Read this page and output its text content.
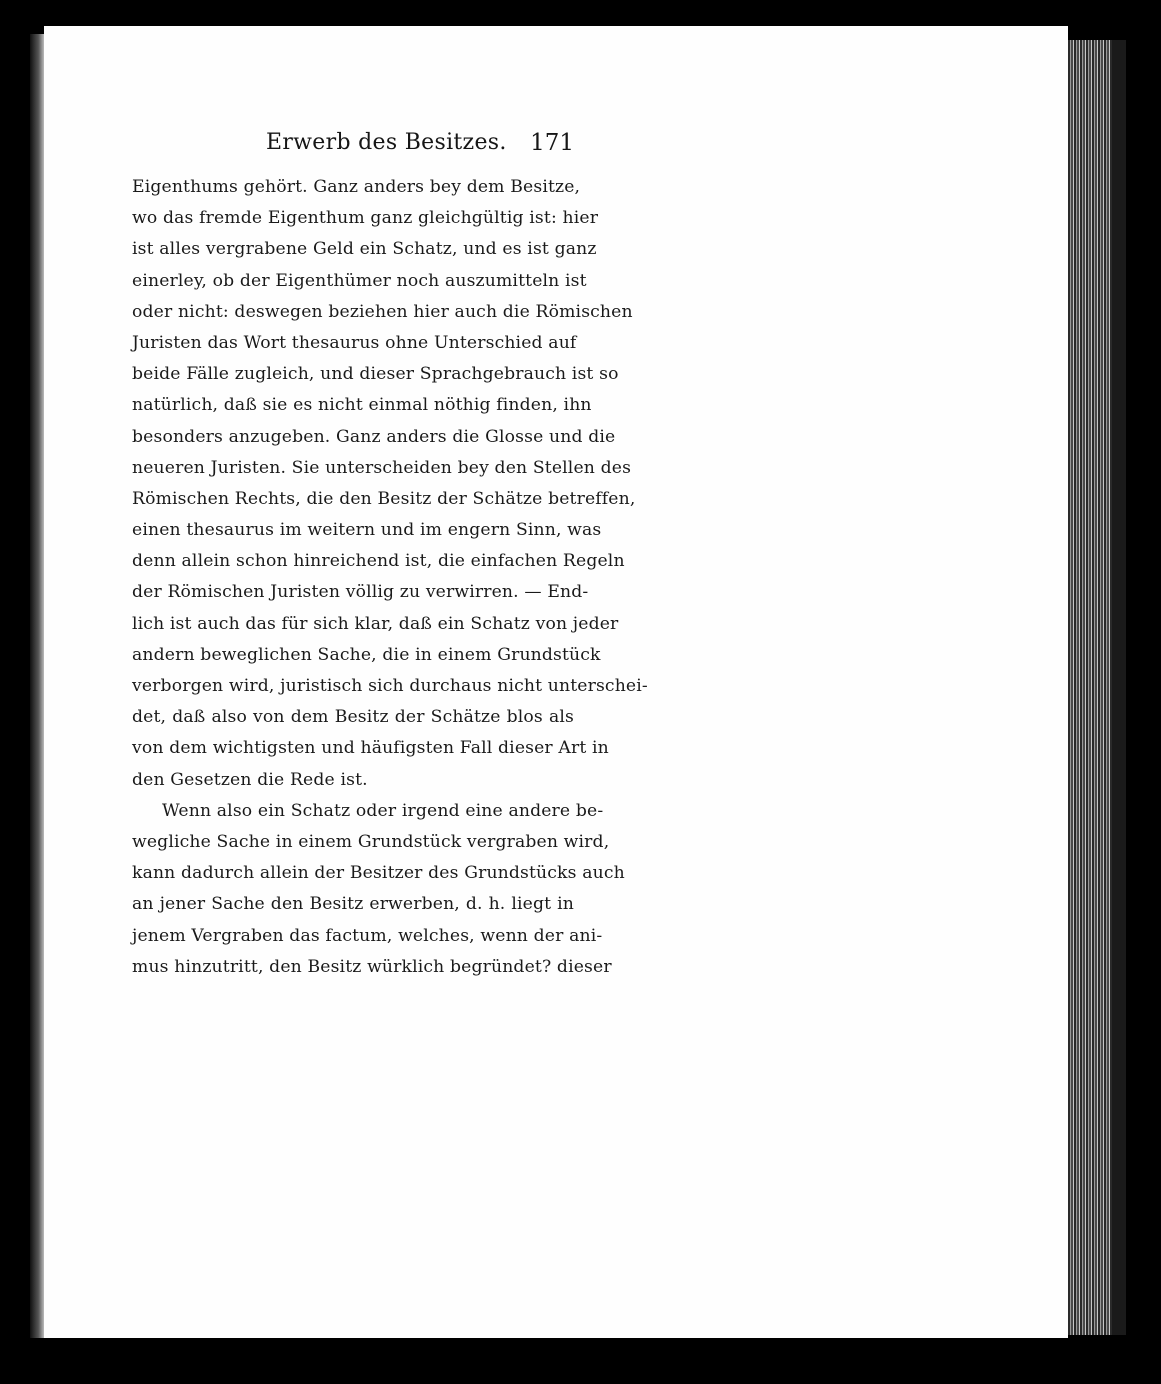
Erwerb des Besitzes. 171
Eigenthums gehört. Ganz anders bey dem Besitze,
wo das fremde Eigenthum ganz gleichgültig ist: hier
ist alles vergrabene Geld ein Schatz, und es ist ganz
einerley, ob der Eigenthümer noch auszumitteln ist
oder nicht: deswegen beziehen hier auch die Römischen
Juristen das Wort thesaurus ohne Unterschied auf
beide Fälle zugleich, und dieser Sprachgebrauch ist so
natürlich, daß sie es nicht einmal nöthig finden, ihn
besonders anzugeben. Ganz anders die Glosse und die
neueren Juristen. Sie unterscheiden bey den Stellen des
Römischen Rechts, die den Besitz der Schätze betreffen,
einen thesaurus im weitern und im engern Sinn, was
denn allein schon hinreichend ist, die einfachen Regeln
der Römischen Juristen völlig zu verwirren. — End-
lich ist auch das für sich klar, daß ein Schatz von jeder
andern beweglichen Sache, die in einem Grundstück
verborgen wird, juristisch sich durchaus nicht unterschei-
det, daß also von dem Besitz der Schätze blos als
von dem wichtigsten und häufigsten Fall dieser Art in
den Gesetzen die Rede ist.
Wenn also ein Schatz oder irgend eine andere be-
wegliche Sache in einem Grundstück vergraben wird,
kann dadurch allein der Besitzer des Grundstücks auch
an jener Sache den Besitz erwerben, d. h. liegt in
jenem Vergraben das factum, welches, wenn der ani-
mus hinzutritt, den Besitz würklich begründet? dieser
